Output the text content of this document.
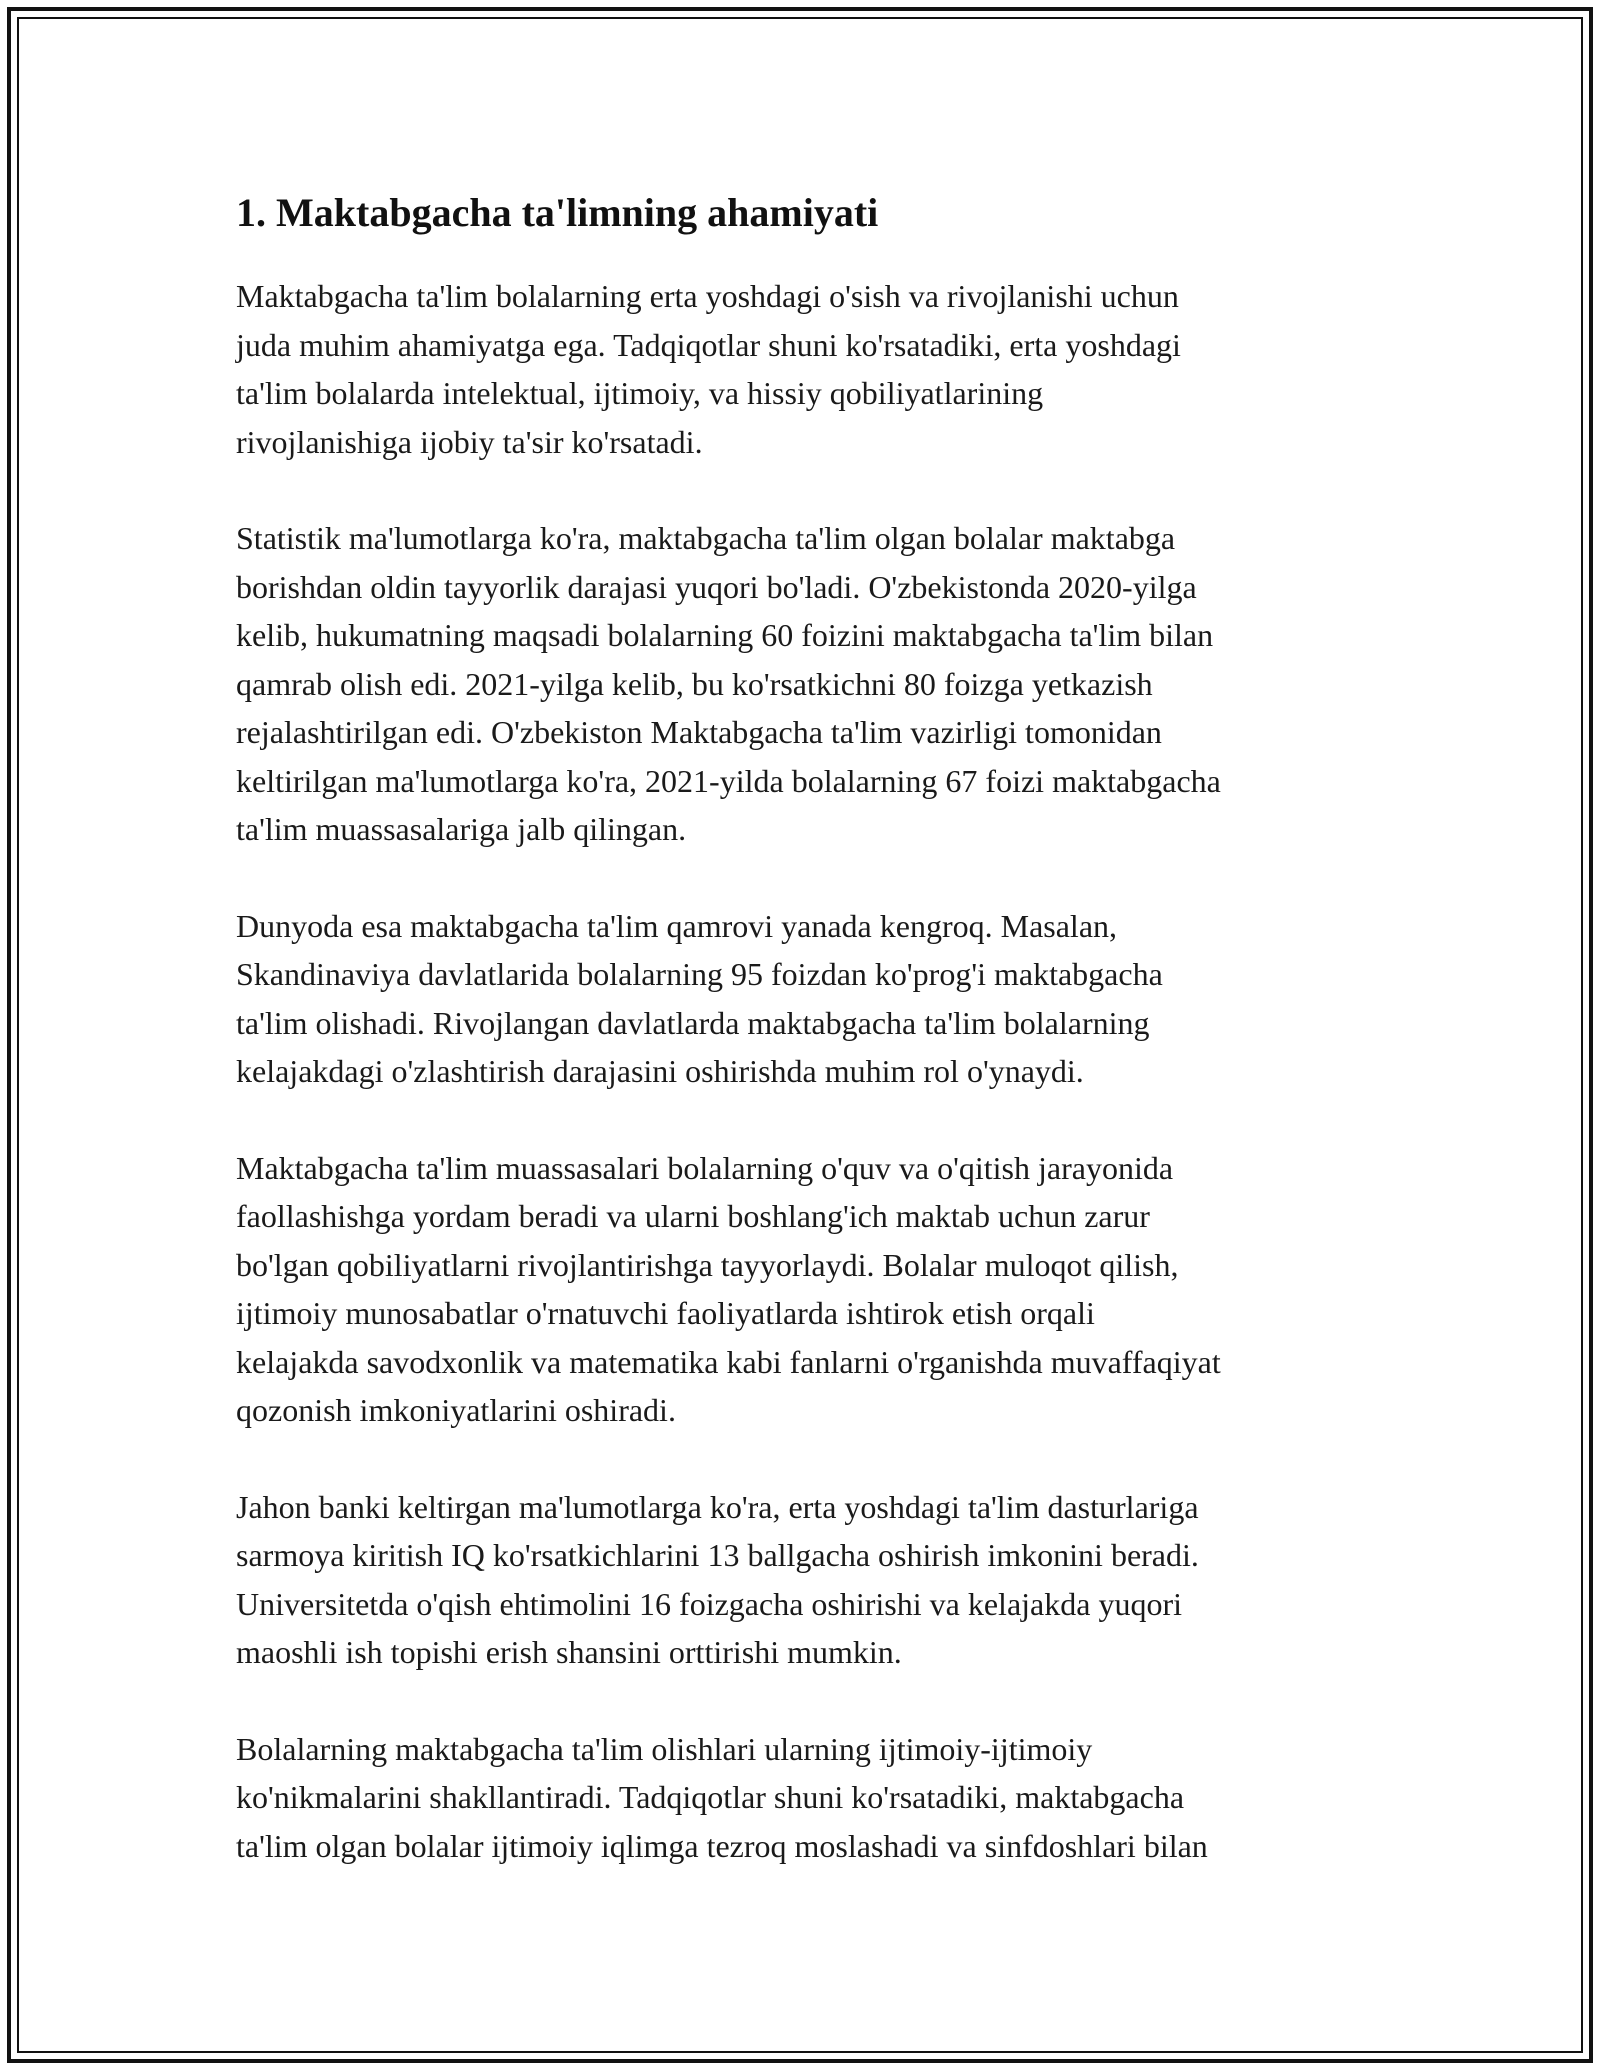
1. Maktabgacha ta'limning ahamiyati

Maktabgacha ta'lim bolalarning erta yoshdagi o'sish va rivojlanishi uchun
juda muhim ahamiyatga ega. Tadqiqotlar shuni ko'rsatadiki, erta yoshdagi
ta'lim bolalarda intelektual, ijtimoiy, va hissiy qobiliyatlarining
rivojlanishiga ijobiy ta'sir ko'rsatadi.

Statistik ma'lumotlarga ko'ra, maktabgacha ta'lim olgan bolalar maktabga
borishdan oldin tayyorlik darajasi yuqori bo'ladi. O'zbekistonda 2020-yilga
kelib, hukumatning maqsadi bolalarning 60 foizini maktabgacha ta'lim bilan
qamrab olish edi. 2021-yilga kelib, bu ko'rsatkichni 80 foizga yetkazish
rejalashtirilgan edi. O'zbekiston Maktabgacha ta'lim vazirligi tomonidan
keltirilgan ma'lumotlarga ko'ra, 2021-yilda bolalarning 67 foizi maktabgacha
ta'lim muassasalariga jalb qilingan.

Dunyoda esa maktabgacha ta'lim qamrovi yanada kengroq. Masalan,
Skandinaviya davlatlarida bolalarning 95 foizdan ko'prog'i maktabgacha
ta'lim olishadi. Rivojlangan davlatlarda maktabgacha ta'lim bolalarning
kelajakdagi o'zlashtirish darajasini oshirishda muhim rol o'ynaydi.

Maktabgacha ta'lim muassasalari bolalarning o'quv va o'qitish jarayonida
faollashishga yordam beradi va ularni boshlang'ich maktab uchun zarur
bo'lgan qobiliyatlarni rivojlantirishga tayyorlaydi. Bolalar muloqot qilish,
ijtimoiy munosabatlar o'rnatuvchi faoliyatlarda ishtirok etish orqali
kelajakda savodxonlik va matematika kabi fanlarni o'rganishda muvaffaqiyat
qozonish imkoniyatlarini oshiradi.

Jahon banki keltirgan ma'lumotlarga ko'ra, erta yoshdagi ta'lim dasturlariga
sarmoya kiritish IQ ko'rsatkichlarini 13 ballgacha oshirish imkonini beradi.
Universitetda o'qish ehtimolini 16 foizgacha oshirishi va kelajakda yuqori
maoshli ish topishi erish shansini orttirishi mumkin.

Bolalarning maktabgacha ta'lim olishlari ularning ijtimoiy-ijtimoiy
ko'nikmalarini shakllantiradi. Tadqiqotlar shuni ko'rsatadiki, maktabgacha
ta'lim olgan bolalar ijtimoiy iqlimga tezroq moslashadi va sinfdoshlari bilan
